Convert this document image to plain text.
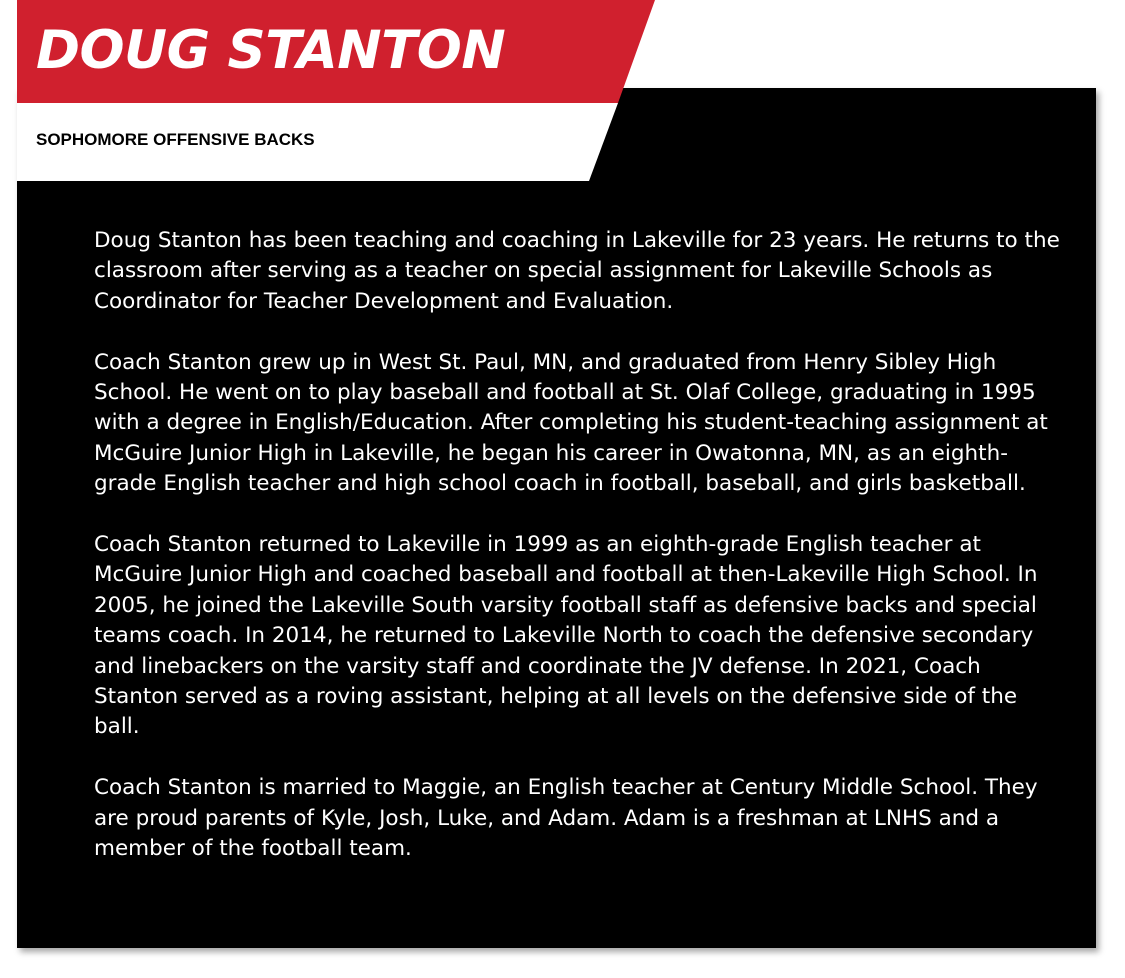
DOUG STANTON
SOPHOMORE OFFENSIVE BACKS

Doug Stanton has been teaching and coaching in Lakeville for 23 years. He returns to the classroom after serving as a teacher on special assignment for Lakeville Schools as Coordinator for Teacher Development and Evaluation.

Coach Stanton grew up in West St. Paul, MN, and graduated from Henry Sibley High School. He went on to play baseball and football at St. Olaf College, graduating in 1995 with a degree in English/Education. After completing his student-teaching assignment at McGuire Junior High in Lakeville, he began his career in Owatonna, MN, as an eighth-grade English teacher and high school coach in football, baseball, and girls basketball.

Coach Stanton returned to Lakeville in 1999 as an eighth-grade English teacher at McGuire Junior High and coached baseball and football at then-Lakeville High School. In 2005, he joined the Lakeville South varsity football staff as defensive backs and special teams coach. In 2014, he returned to Lakeville North to coach the defensive secondary and linebackers on the varsity staff and coordinate the JV defense. In 2021, Coach Stanton served as a roving assistant, helping at all levels on the defensive side of the ball.

Coach Stanton is married to Maggie, an English teacher at Century Middle School. They are proud parents of Kyle, Josh, Luke, and Adam. Adam is a freshman at LNHS and a member of the football team.
